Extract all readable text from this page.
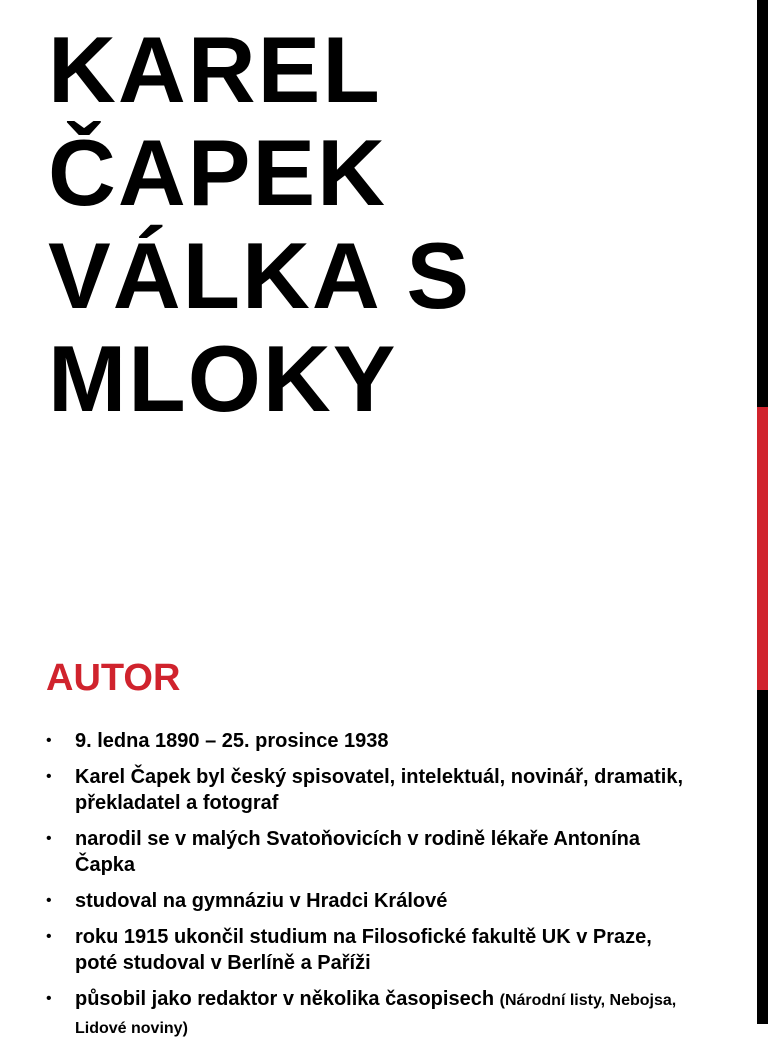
KAREL
ČAPEK
VÁLKA S
MLOKY
AUTOR
• 9. ledna 1890 – 25. prosince 1938
• Karel Čapek byl český spisovatel, intelektuál, novinář, dramatik, překladatel a fotograf
• narodil se v malých Svatoňovicích v rodině lékaře Antonína Čapka
• studoval na gymnáziu v Hradci Králové
• roku 1915 ukončil studium na Filosofické fakultě UK v Praze, poté studoval v Berlíně a Paříži
• působil jako redaktor v několika časopisech (Národní listy, Nebojsa, Lidové noviny)
